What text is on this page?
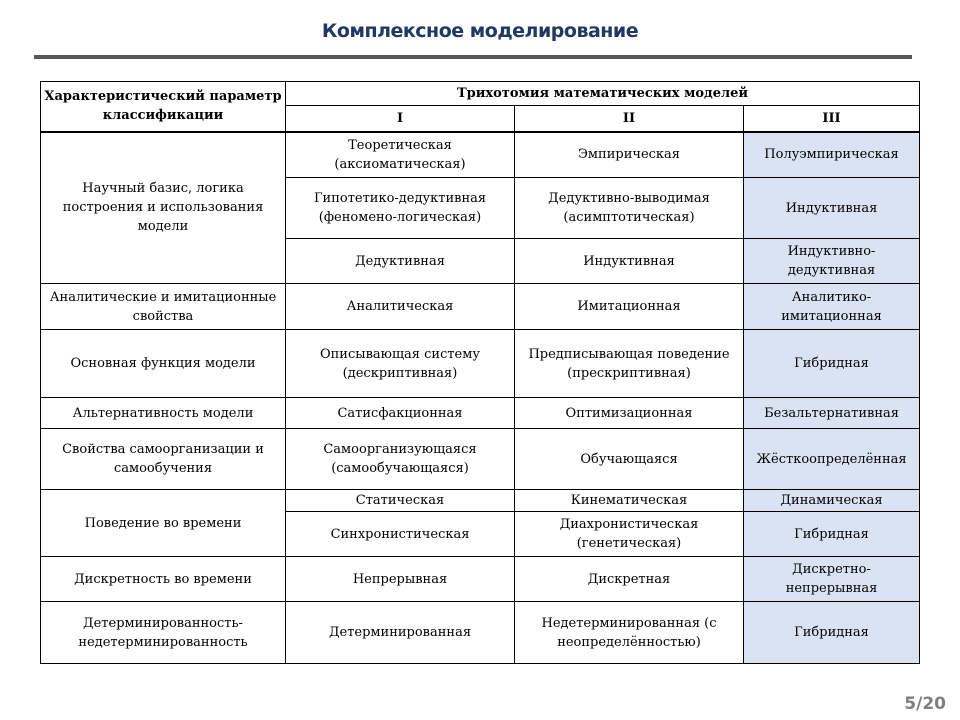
Комплексное моделирование
Характеристический параметр классификации	Трихотомия математических моделей		
	I	II	III
Научный базис, логика построения и использования модели	Теоретическая (аксиоматическая)	Эмпирическая	Полуэмпирическая
	Гипотетико-дедуктивная (феномено-логическая)	Дедуктивно-выводимая (асимптотическая)	Индуктивная
	Дедуктивная	Индуктивная	Индуктивно-дедуктивная
Аналитические и имитационные свойства	Аналитическая	Имитационная	Аналитико-имитационная
Основная функция модели	Описывающая систему (дескриптивная)	Предписывающая поведение (прескриптивная)	Гибридная
Альтернативность модели	Сатисфакционная	Оптимизационная	Безальтернативная
Свойства самоорганизации и самообучения	Самоорганизующаяся (самообучающаяся)	Обучающаяся	Жёсткоопределённая
Поведение во времени	Статическая	Кинематическая	Динамическая
	Синхронистическая	Диахронистическая (генетическая)	Гибридная
Дискретность во времени	Непрерывная	Дискретная	Дискретно-непрерывная
Детерминированность-недетерминированность	Детерминированная	Недетерминированная (с неопределённостью)	Гибридная
5/20
